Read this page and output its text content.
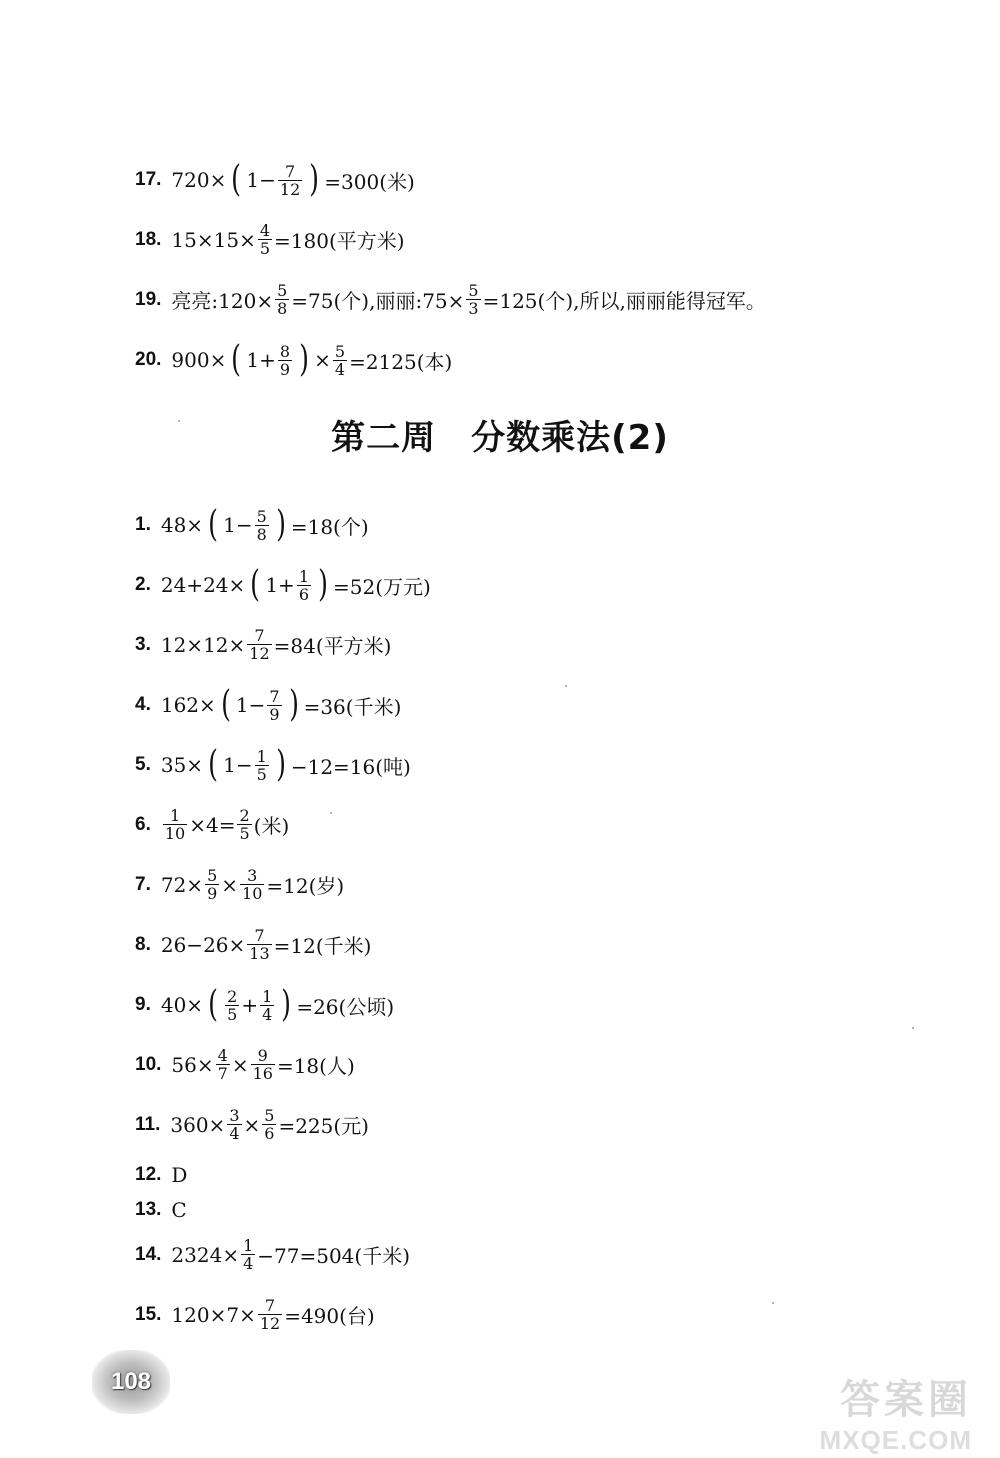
17. 720× ( $1- \frac{7}{12}$ ) =300(米)
18. $15\times 15\times \frac{4}{5} =180$(平方米)
19. 亮亮:120× $\frac{5}{8} =75$(个),丽丽:75× $\frac{5}{3} =125$(个),所以,丽丽能得冠军。
20. 900× ( $1+ \frac{8}{9}$ ) × $\frac{5}{4} =2125$(本)
第二周　分数乘法(2)
1. 48× ( $1- \frac{5}{8}$ ) =18(个)
2. 24+24× ( $1+ \frac{1}{6}$ ) =52(万元)
3. $12\times 12\times \frac{7}{12} =84$(平方米)
4. 162× ( $1- \frac{7}{9}$ ) =36(千米)
5. 35× ( $1- \frac{1}{5}$ ) −12=16(吨)
6. $\frac{1}{10} \times 4= \frac{2}{5}$ (米)
7. $72\times \frac{5}{9} \times \frac{3}{10} =12$(岁)
8. $26-26\times \frac{7}{13} =12$(千米)
9. 40× ( $\frac{2}{5} + \frac{1}{4}$ ) =26(公顷)
10. $56\times \frac{4}{7} \times \frac{9}{16} =18$(人)
11. $360\times \frac{3}{4} \times \frac{5}{6} =225$(元)
12. D
13. C
14. $2324\times \frac{1}{4} -77=504$(千米)
15. $120\times 7\times \frac{7}{12} =490$(台)
108	答案圈
MXQE.COM
